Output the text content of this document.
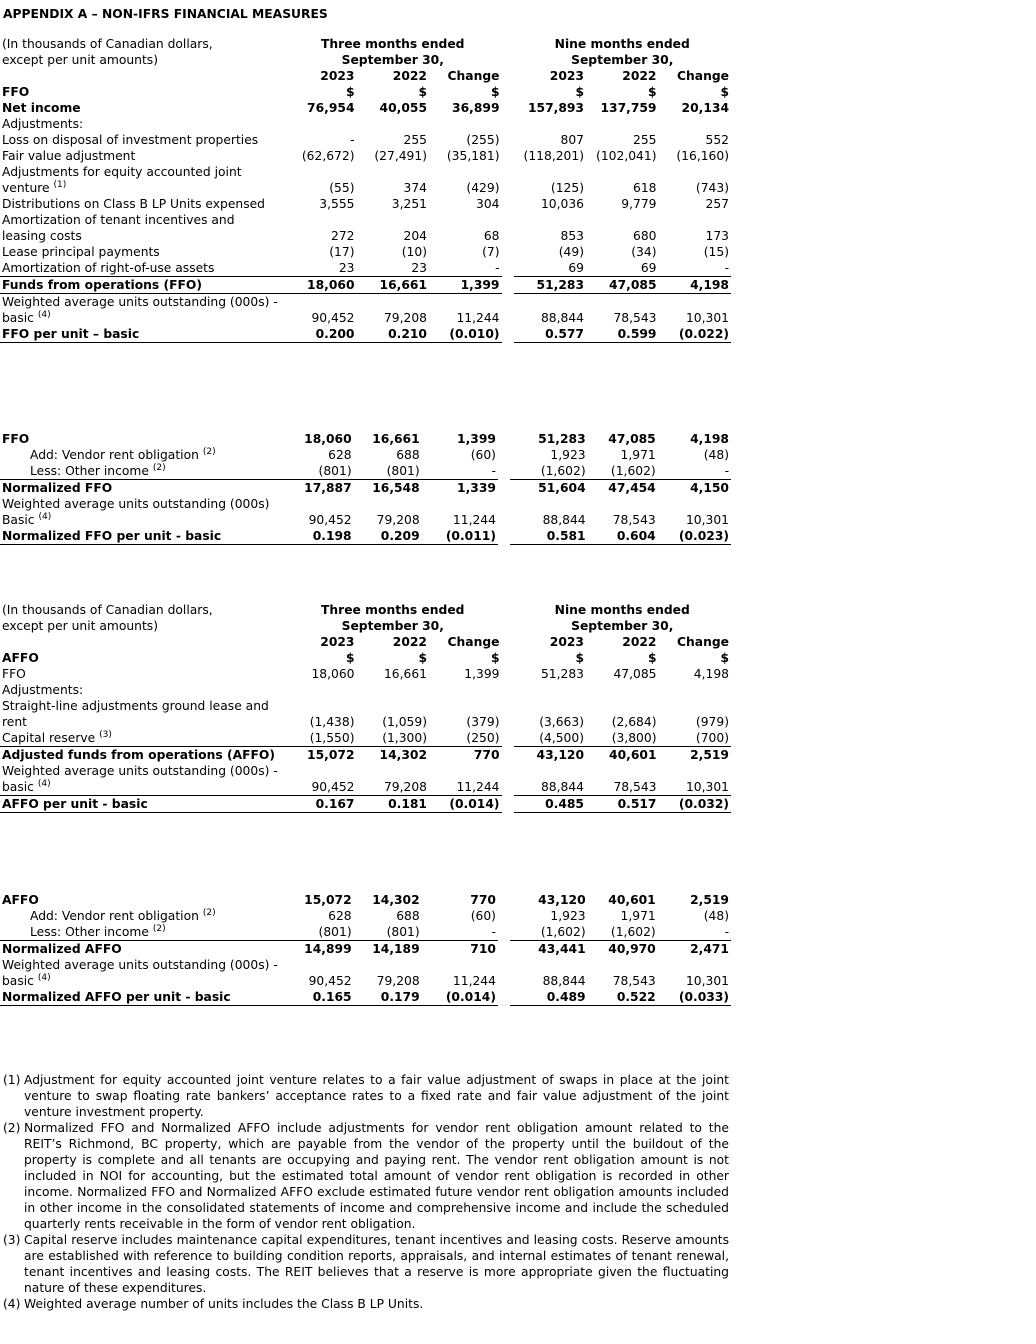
APPENDIX A – NON-IFRS FINANCIAL MEASURES
(In thousands of Canadian dollars,	Three months ended				Nine months ended		
except per unit amounts)	September 30,				September 30,		
	2023	2022	Change		2023	2022	Change
FFO	$	$	$		$	$	$
Net income	76,954	40,055	36,899		157,893	137,759	20,134
Adjustments:							
Loss on disposal of investment properties	-	255	(255)		807	255	552
Fair value adjustment	(62,672)	(27,491)	(35,181)		(118,201)	(102,041)	(16,160)
Adjustments for equity accounted joint venture $^{(1)}$	(55)	374	(429)		(125)	618	(743)
Distributions on Class B LP Units expensed	3,555	3,251	304		10,036	9,779	257
Amortization of tenant incentives and leasing costs	272	204	68		853	680	173
Lease principal payments	(17)	(10)	(7)		(49)	(34)	(15)
Amortization of right-of-use assets	23	23	-		69	69	-
Funds from operations (FFO)	18,060	16,661	1,399		51,283	47,085	4,198
Weighted average units outstanding (000s) - basic $^{(4)}$	90,452	79,208	11,244		88,844	78,543	10,301
FFO per unit – basic	0.200	0.210	(0.010)		0.577	0.599	(0.022)
FFO	18,060	16,661	1,399		51,283	47,085	4,198
Add: Vendor rent obligation $^{(2)}$	628	688	(60)		1,923	1,971	(48)
Less: Other income $^{(2)}$	(801)	(801)	-		(1,602)	(1,602)	-
Normalized FFO	17,887	16,548	1,339		51,604	47,454	4,150
Weighted average units outstanding (000s)							
Basic $^{(4)}$	90,452	79,208	11,244		88,844	78,543	10,301
Normalized FFO per unit - basic	0.198	0.209	(0.011)		0.581	0.604	(0.023)
(In thousands of Canadian dollars,	Three months ended				Nine months ended		
except per unit amounts)	September 30,				September 30,		
	2023	2022	Change		2023	2022	Change
AFFO	$	$	$		$	$	$
FFO	18,060	16,661	1,399		51,283	47,085	4,198
Adjustments:							
Straight-line adjustments ground lease and rent	(1,438)	(1,059)	(379)		(3,663)	(2,684)	(979)
Capital reserve $^{(3)}$	(1,550)	(1,300)	(250)		(4,500)	(3,800)	(700)
Adjusted funds from operations (AFFO)	15,072	14,302	770		43,120	40,601	2,519
Weighted average units outstanding (000s) - basic $^{(4)}$	90,452	79,208	11,244		88,844	78,543	10,301
AFFO per unit - basic	0.167	0.181	(0.014)		0.485	0.517	(0.032)
AFFO	15,072	14,302	770		43,120	40,601	2,519
Add: Vendor rent obligation $^{(2)}$	628	688	(60)		1,923	1,971	(48)
Less: Other income $^{(2)}$	(801)	(801)	-		(1,602)	(1,602)	-
Normalized AFFO	14,899	14,189	710		43,441	40,970	2,471
Weighted average units outstanding (000s) - basic $^{(4)}$	90,452	79,208	11,244		88,844	78,543	10,301
Normalized AFFO per unit - basic	0.165	0.179	(0.014)		0.489	0.522	(0.033)
(1) Adjustment for equity accounted joint venture relates to a fair value adjustment of swaps in place at the joint venture to swap floating rate bankers’ acceptance rates to a fixed rate and fair value adjustment of the joint venture investment property.
(2) Normalized FFO and Normalized AFFO include adjustments for vendor rent obligation amount related to the REIT’s Richmond, BC property, which are payable from the vendor of the property until the buildout of the property is complete and all tenants are occupying and paying rent. The vendor rent obligation amount is not included in NOI for accounting, but the estimated total amount of vendor rent obligation is recorded in other income. Normalized FFO and Normalized AFFO exclude estimated future vendor rent obligation amounts included in other income in the consolidated statements of income and comprehensive income and include the scheduled quarterly rents receivable in the form of vendor rent obligation.
(3) Capital reserve includes maintenance capital expenditures, tenant incentives and leasing costs. Reserve amounts are established with reference to building condition reports, appraisals, and internal estimates of tenant renewal, tenant incentives and leasing costs. The REIT believes that a reserve is more appropriate given the fluctuating nature of these expenditures.
(4) Weighted average number of units includes the Class B LP Units.
